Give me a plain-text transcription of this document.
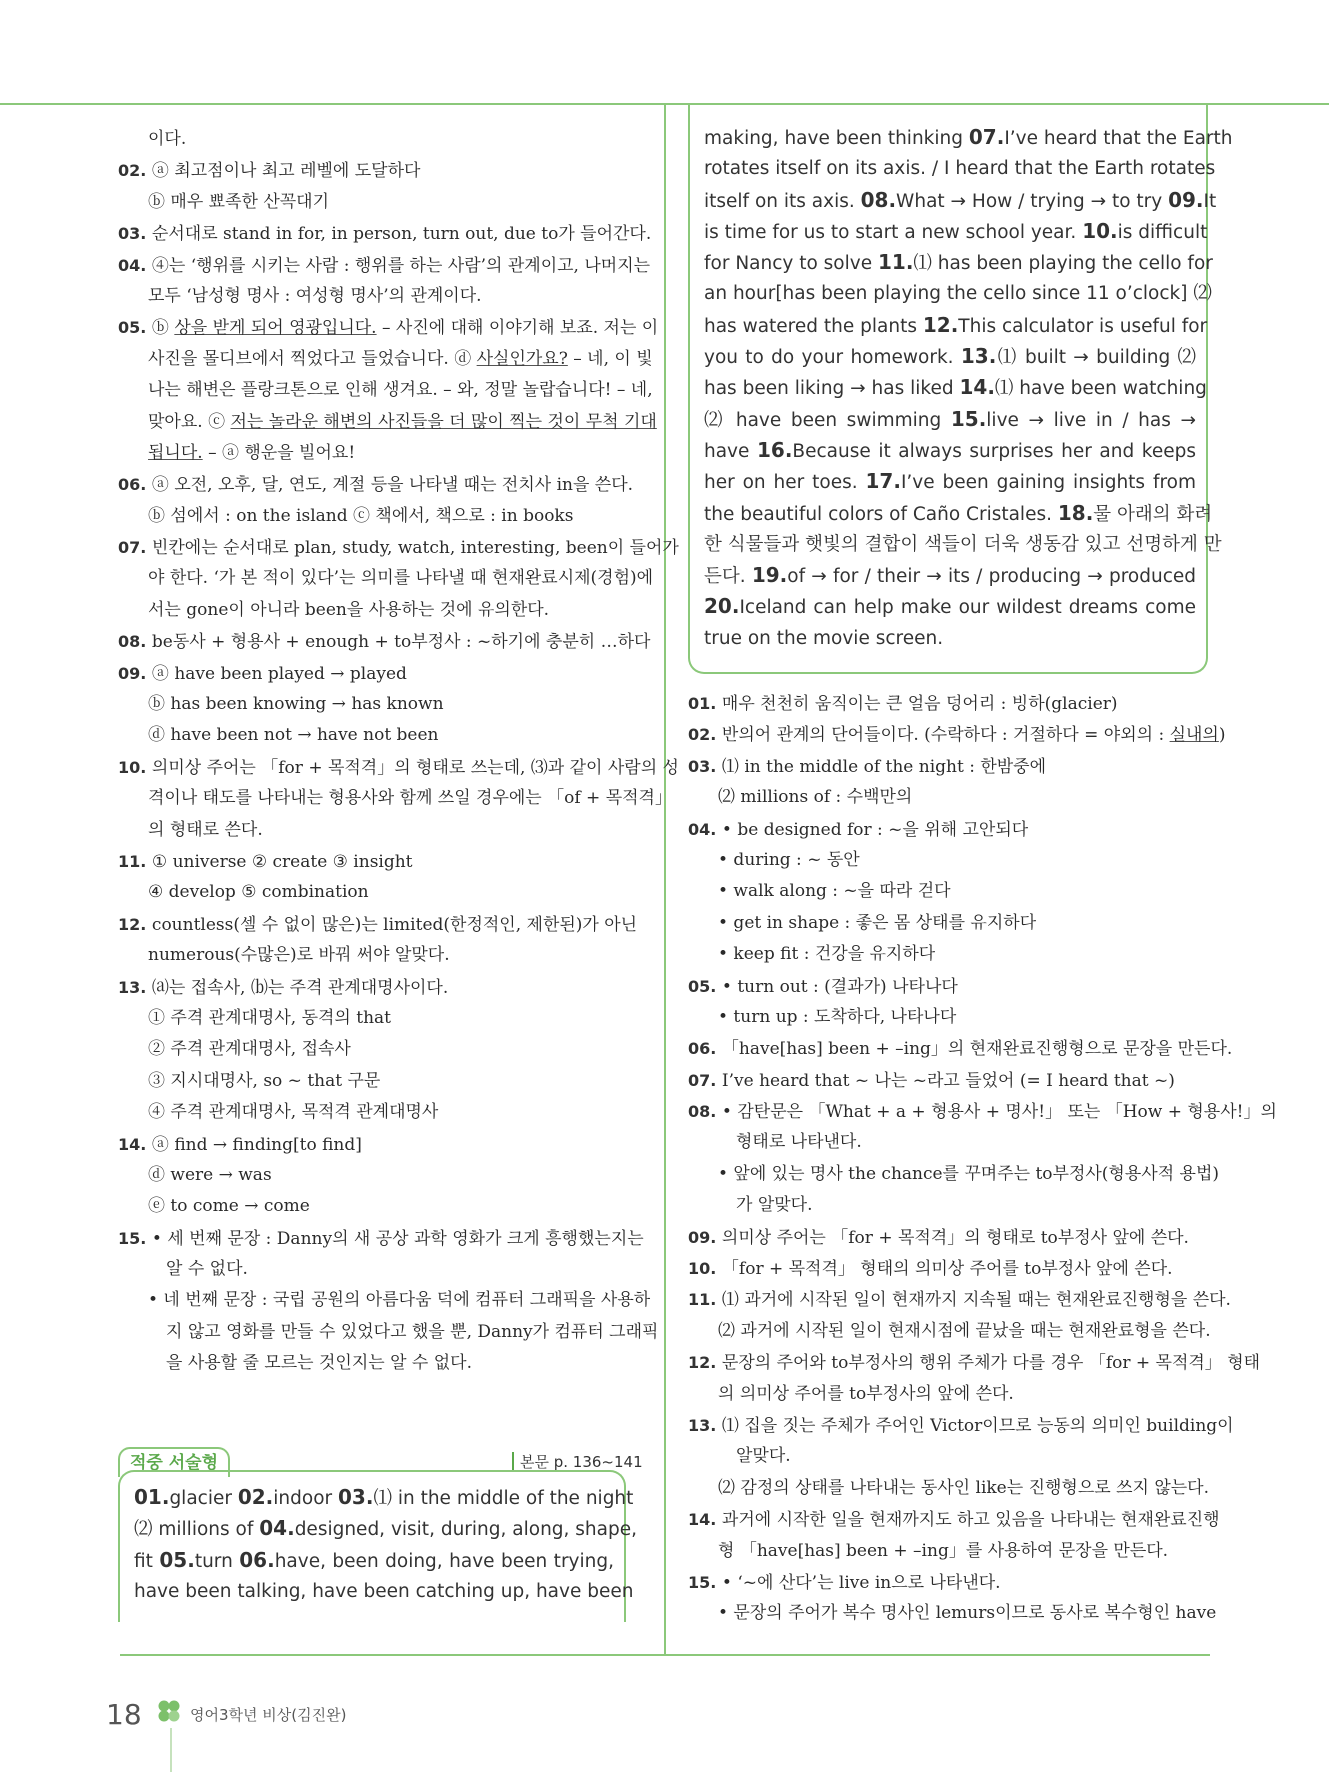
이다.
02. ⓐ 최고점이나 최고 레벨에 도달하다
ⓑ 매우 뾰족한 산꼭대기
03. 순서대로 stand in for, in person, turn out, due to가 들어간다.
04. ④는 ‘행위를 시키는 사람 : 행위를 하는 사람’의 관계이고, 나머지는
모두 ‘남성형 명사 : 여성형 명사’의 관계이다.
05. ⓑ 상을 받게 되어 영광입니다. – 사진에 대해 이야기해 보죠. 저는 이
사진을 몰디브에서 찍었다고 들었습니다. ⓓ 사실인가요? – 네, 이 빛
나는 해변은 플랑크톤으로 인해 생겨요. – 와, 정말 놀랍습니다! – 네,
맞아요. ⓒ 저는 놀라운 해변의 사진들을 더 많이 찍는 것이 무척 기대
됩니다. – ⓐ 행운을 빌어요!
06. ⓐ 오전, 오후, 달, 연도, 계절 등을 나타낼 때는 전치사 in을 쓴다.
ⓑ 섬에서 : on the island ⓒ 책에서, 책으로 : in books
07. 빈칸에는 순서대로 plan, study, watch, interesting, been이 들어가
야 한다. ‘가 본 적이 있다’는 의미를 나타낼 때 현재완료시제(경험)에
서는 gone이 아니라 been을 사용하는 것에 유의한다.
08. be동사 + 형용사 + enough + to부정사 : ~하기에 충분히 …하다
09. ⓐ have been played → played
ⓑ has been knowing → has known
ⓓ have been not → have not been
10. 의미상 주어는 「for + 목적격」의 형태로 쓰는데, ⑶과 같이 사람의 성
격이나 태도를 나타내는 형용사와 함께 쓰일 경우에는 「of + 목적격」
의 형태로 쓴다.
11. ① universe ② create ③ insight
④ develop ⑤ combination
12. countless(셀 수 없이 많은)는 limited(한정적인, 제한된)가 아닌
numerous(수많은)로 바꿔 써야 알맞다.
13. ⒜는 접속사, ⒝는 주격 관계대명사이다.
① 주격 관계대명사, 동격의 that
② 주격 관계대명사, 접속사
③ 지시대명사, so ~ that 구문
④ 주격 관계대명사, 목적격 관계대명사
14. ⓐ find → finding[to find]
ⓓ were → was
ⓔ to come → come
15. • 세 번째 문장 : Danny의 새 공상 과학 영화가 크게 흥행했는지는
알 수 없다.
• 네 번째 문장 : 국립 공원의 아름다움 덕에 컴퓨터 그래픽을 사용하
지 않고 영화를 만들 수 있었다고 했을 뿐, Danny가 컴퓨터 그래픽
을 사용할 줄 모르는 것인지는 알 수 없다.
적중 서술형	본문 p. 136~141
01.glacier 02.indoor 03.⑴ in the middle of the night
⑵ millions of 04.designed, visit, during, along, shape,
fit 05.turn 06.have, been doing, have been trying,
have been talking, have been catching up, have been
making, have been thinking 07.I’ve heard that the Earth
rotates itself on its axis. / I heard that the Earth rotates
itself on its axis. 08.What → How / trying → to try 09.It
is time for us to start a new school year. 10.is difficult
for Nancy to solve 11.⑴ has been playing the cello for
an hour[has been playing the cello since 11 o’clock] ⑵
has watered the plants 12.This calculator is useful for
you to do your homework. 13.⑴ built → building ⑵
has been liking → has liked 14.⑴ have been watching
⑵ have been swimming 15.live → live in / has →
have 16.Because it always surprises her and keeps
her on her toes. 17.I’ve been gaining insights from
the beautiful colors of Caño Cristales. 18.물 아래의 화려
한 식물들과 햇빛의 결합이 색들이 더욱 생동감 있고 선명하게 만
든다. 19.of → for / their → its / producing → produced
20.Iceland can help make our wildest dreams come
true on the movie screen.
01. 매우 천천히 움직이는 큰 얼음 덩어리 : 빙하(glacier)
02. 반의어 관계의 단어들이다. (수락하다 : 거절하다 = 야외의 : 실내의)
03. ⑴ in the middle of the night : 한밤중에
⑵ millions of : 수백만의
04. • be designed for : ~을 위해 고안되다
• during : ~ 동안
• walk along : ~을 따라 걷다
• get in shape : 좋은 몸 상태를 유지하다
• keep fit : 건강을 유지하다
05. • turn out : (결과가) 나타나다
• turn up : 도착하다, 나타나다
06. 「have[has] been + –ing」의 현재완료진행형으로 문장을 만든다.
07. I’ve heard that ~ 나는 ~라고 들었어 (= I heard that ~)
08. • 감탄문은 「What + a + 형용사 + 명사!」 또는 「How + 형용사!」의
형태로 나타낸다.
• 앞에 있는 명사 the chance를 꾸며주는 to부정사(형용사적 용법)
가 알맞다.
09. 의미상 주어는 「for + 목적격」의 형태로 to부정사 앞에 쓴다.
10. 「for + 목적격」 형태의 의미상 주어를 to부정사 앞에 쓴다.
11. ⑴ 과거에 시작된 일이 현재까지 지속될 때는 현재완료진행형을 쓴다.
⑵ 과거에 시작된 일이 현재시점에 끝났을 때는 현재완료형을 쓴다.
12. 문장의 주어와 to부정사의 행위 주체가 다를 경우 「for + 목적격」 형태
의 의미상 주어를 to부정사의 앞에 쓴다.
13. ⑴ 집을 짓는 주체가 주어인 Victor이므로 능동의 의미인 building이
알맞다.
⑵ 감정의 상태를 나타내는 동사인 like는 진행형으로 쓰지 않는다.
14. 과거에 시작한 일을 현재까지도 하고 있음을 나타내는 현재완료진행
형 「have[has] been + –ing」를 사용하여 문장을 만든다.
15. • ‘~에 산다’는 live in으로 나타낸다.
• 문장의 주어가 복수 명사인 lemurs이므로 동사로 복수형인 have
18	영어3학년 비상(김진완)
